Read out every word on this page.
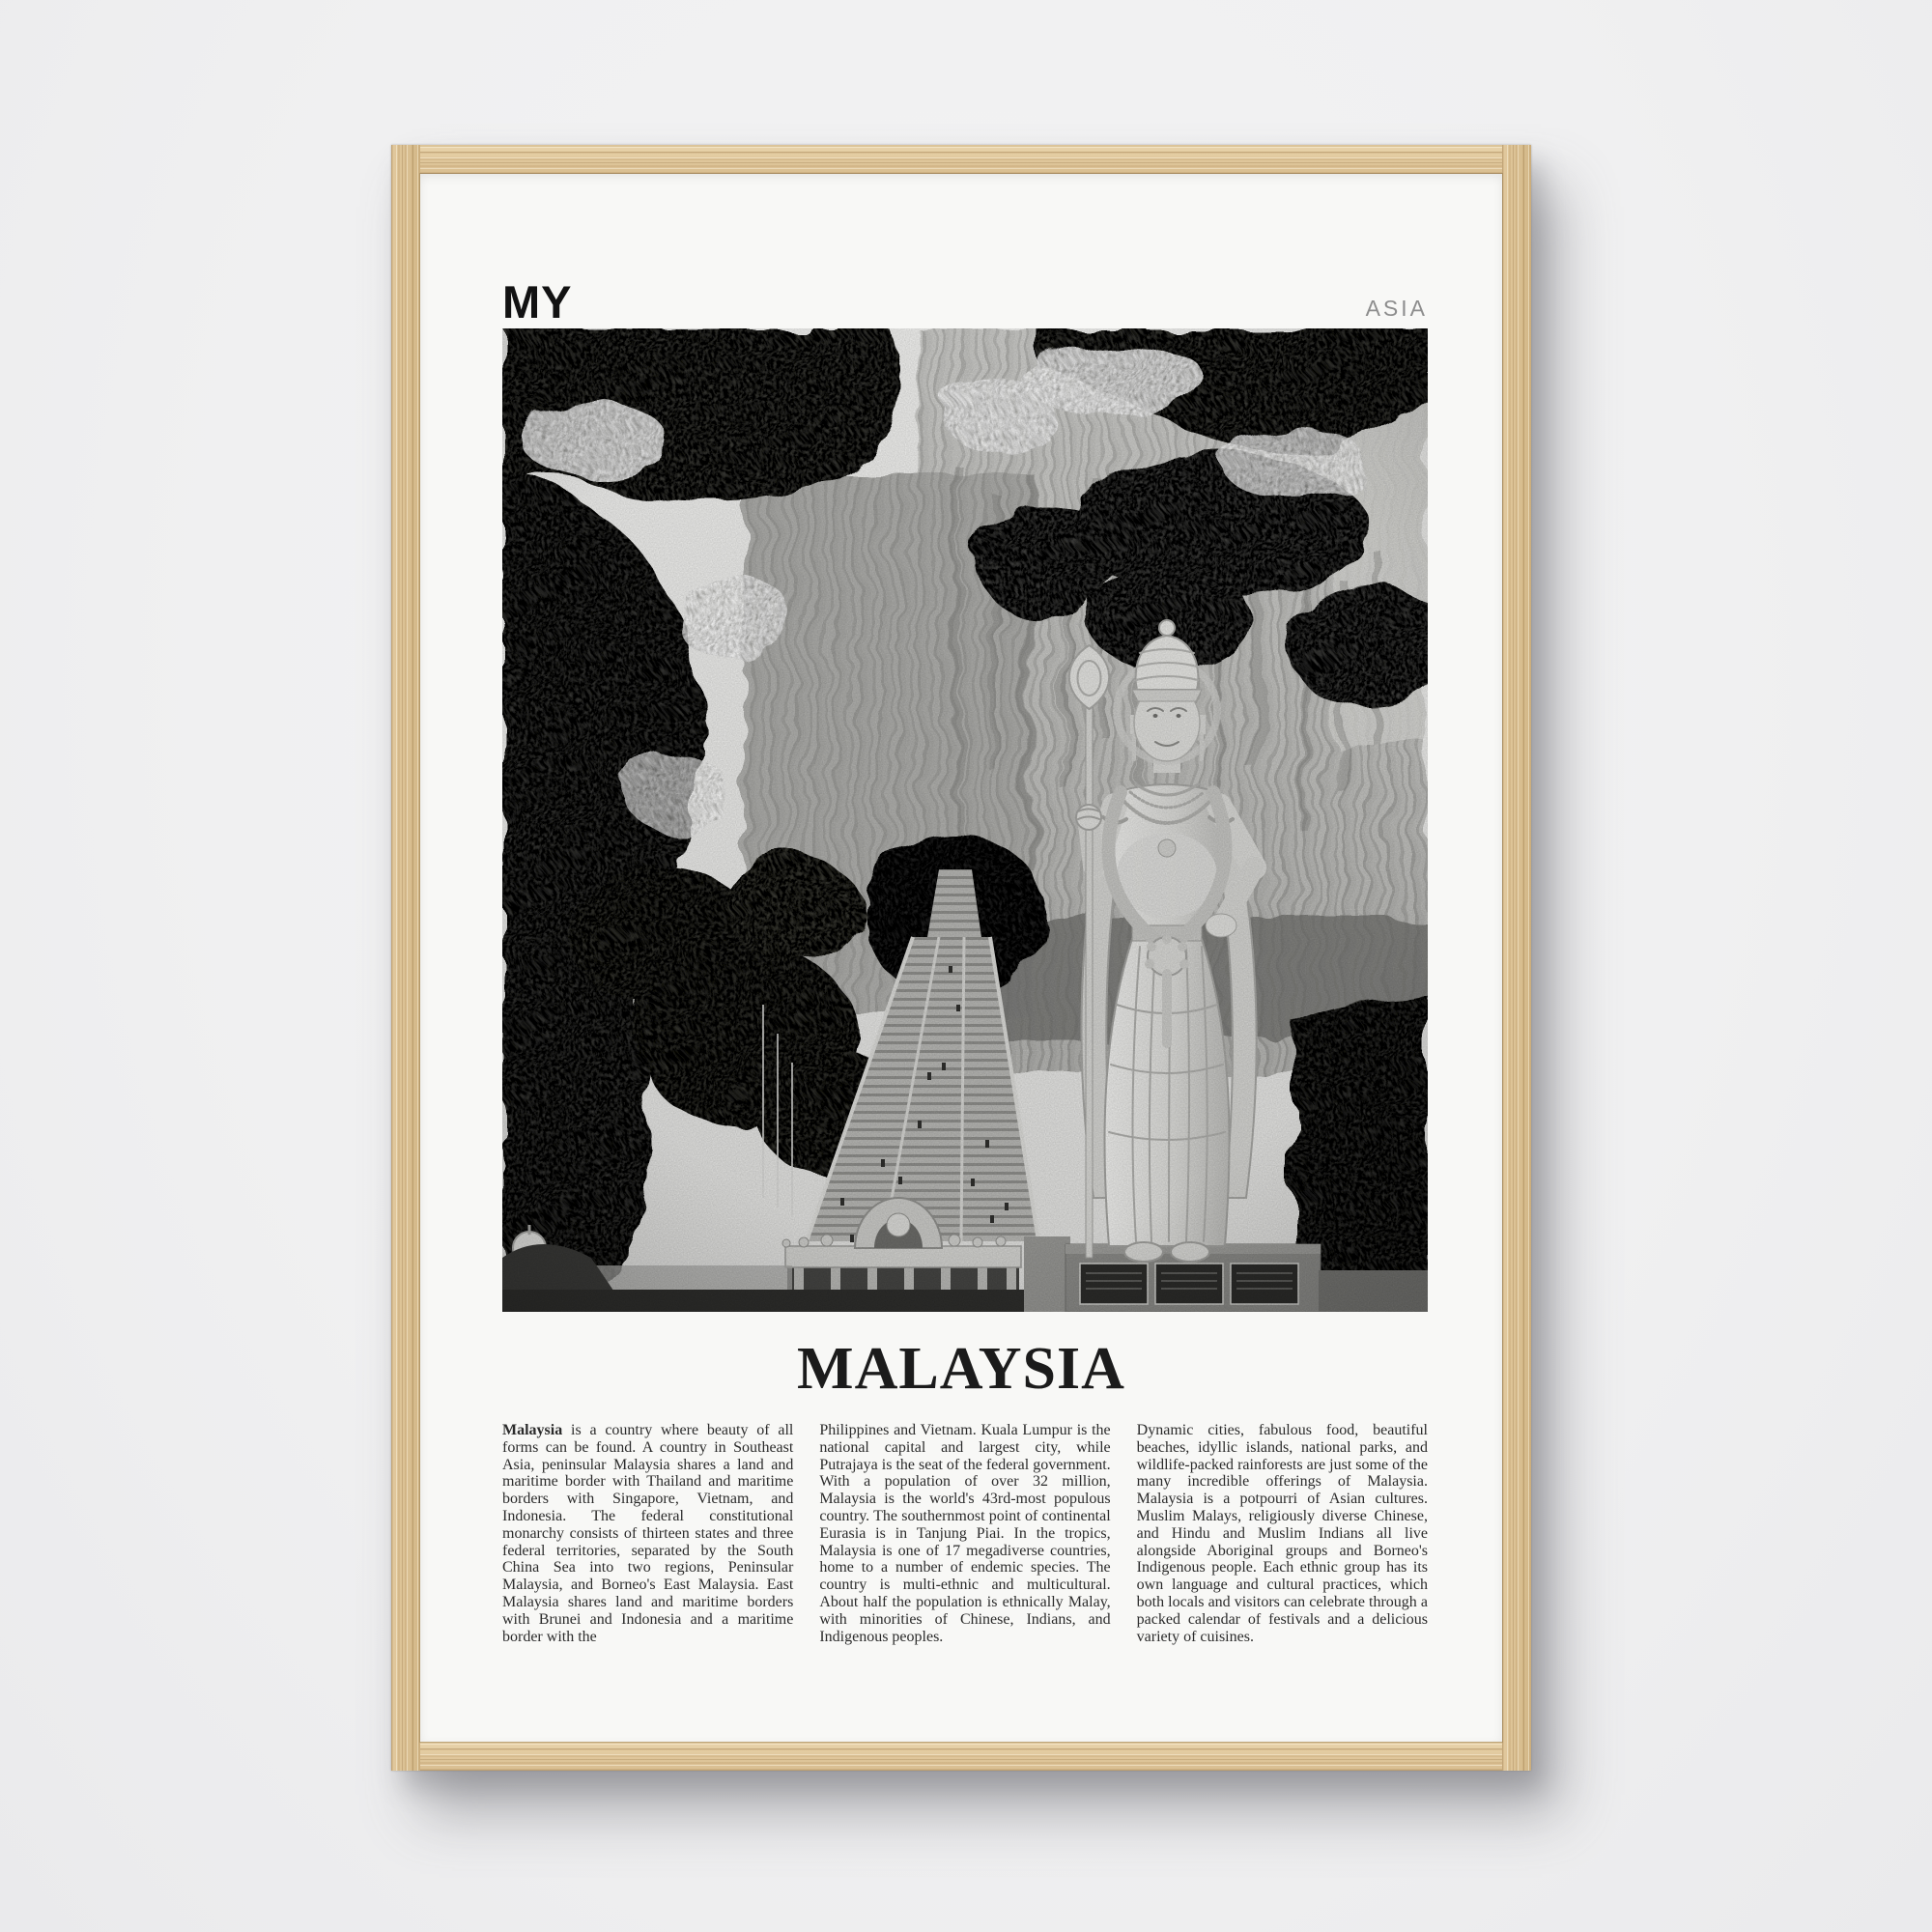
MY	ASIA
MALAYSIA
Malaysia is a country where beauty of all forms can be found. A country in Southeast Asia, peninsular Malaysia shares a land and maritime border with Thailand and maritime borders with Singapore, Vietnam, and Indonesia. The federal constitutional monarchy consists of thirteen states and three federal territories, separated by the South China Sea into two regions, Peninsular Malaysia, and Borneo's East Malaysia. East Malaysia shares land and maritime borders with Brunei and Indonesia and a maritime border with the
Philippines and Vietnam. Kuala Lumpur is the national capital and largest city, while Putrajaya is the seat of the federal government. With a population of over 32 million, Malaysia is the world's 43rd-most populous country. The southernmost point of continental Eurasia is in Tanjung Piai. In the tropics, Malaysia is one of 17 megadiverse countries, home to a number of endemic species. The country is multi-ethnic and multicultural. About half the population is ethnically Malay, with minorities of Chinese, Indians, and Indigenous peoples.
Dynamic cities, fabulous food, beautiful beaches, idyllic islands, national parks, and wildlife-packed rainforests are just some of the many incredible offerings of Malaysia. Malaysia is a potpourri of Asian cultures. Muslim Malays, religiously diverse Chinese, and Hindu and Muslim Indians all live alongside Aboriginal groups and Borneo's Indigenous people. Each ethnic group has its own language and cultural practices, which both locals and visitors can celebrate through a packed calendar of festivals and a delicious variety of cuisines.
